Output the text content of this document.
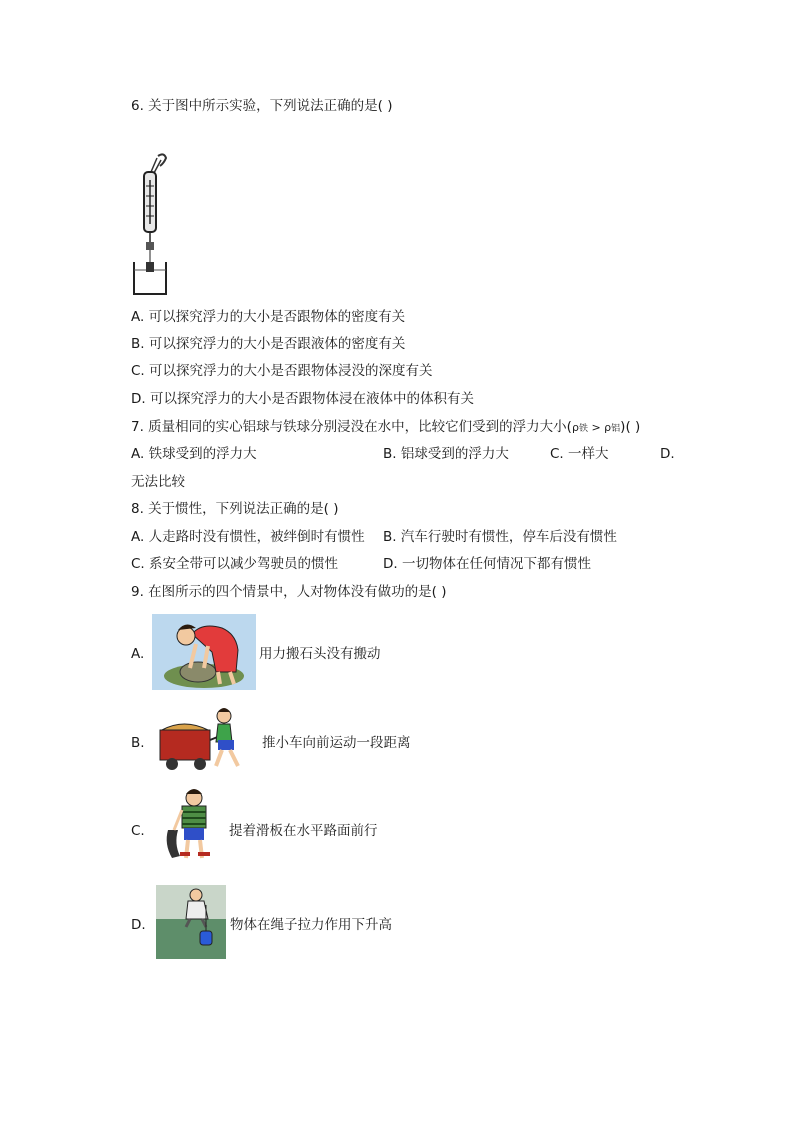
6. 关于图中所示实验，下列说法正确的是( )
A. 可以探究浮力的大小是否跟物体的密度有关
B. 可以探究浮力的大小是否跟液体的密度有关
C. 可以探究浮力的大小是否跟物体浸没的深度有关
D. 可以探究浮力的大小是否跟物体浸在液体中的体积有关
7. 质量相同的实心铝球与铁球分别浸没在水中，比较它们受到的浮力大小(ρ铁 > ρ铝)( )
A. 铁球受到的浮力大	B. 铝球受到的浮力大	C. 一样大	D.
无法比较
8. 关于惯性，下列说法正确的是( )
A. 人走路时没有惯性，被绊倒时有惯性 B. 汽车行驶时有惯性，停车后没有惯性
C. 系安全带可以减少驾驶员的惯性	D. 一切物体在任何情况下都有惯性
9. 在图所示的四个情景中，人对物体没有做功的是( )
A.	用力搬石头没有搬动
B.	推小车向前运动一段距离
C.	提着滑板在水平路面前行
D.	物体在绳子拉力作用下升高
